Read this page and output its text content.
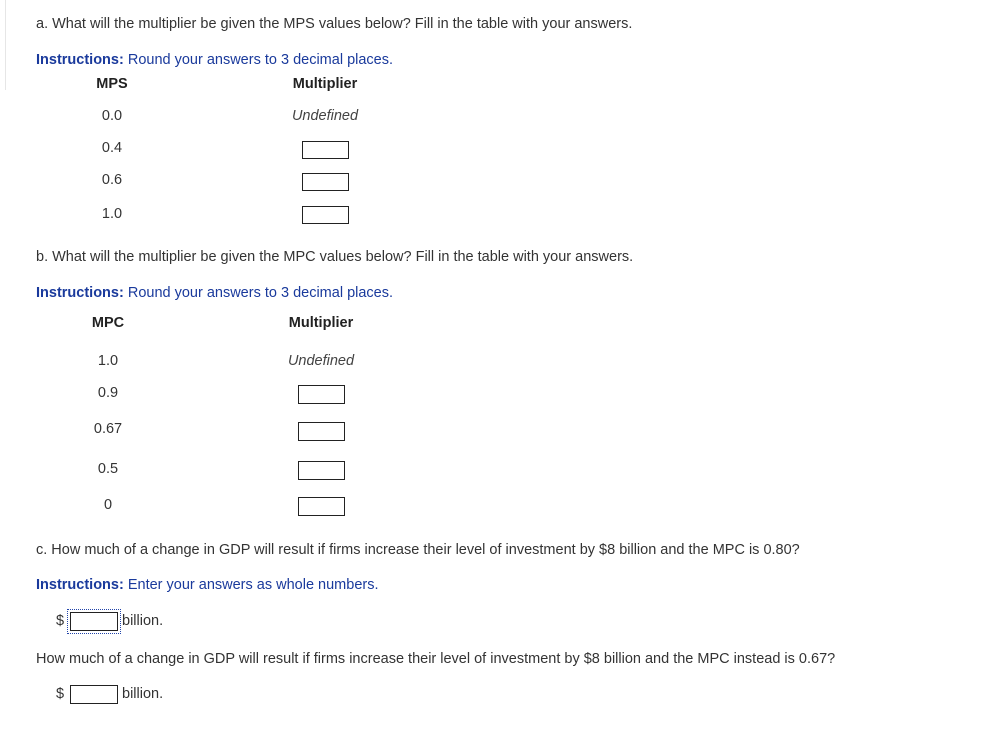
a. What will the multiplier be given the MPS values below? Fill in the table with your answers.
Instructions: Round your answers to 3 decimal places.
MPS	Multiplier
0.0	Undefined
0.4
0.6
1.0
b. What will the multiplier be given the MPC values below? Fill in the table with your answers.
Instructions: Round your answers to 3 decimal places.
MPC	Multiplier
1.0	Undefined
0.9
0.67
0.5
0
c. How much of a change in GDP will result if firms increase their level of investment by $8 billion and the MPC is 0.80?
Instructions: Enter your answers as whole numbers.
$	billion.
How much of a change in GDP will result if firms increase their level of investment by $8 billion and the MPC instead is 0.67?
$	billion.
